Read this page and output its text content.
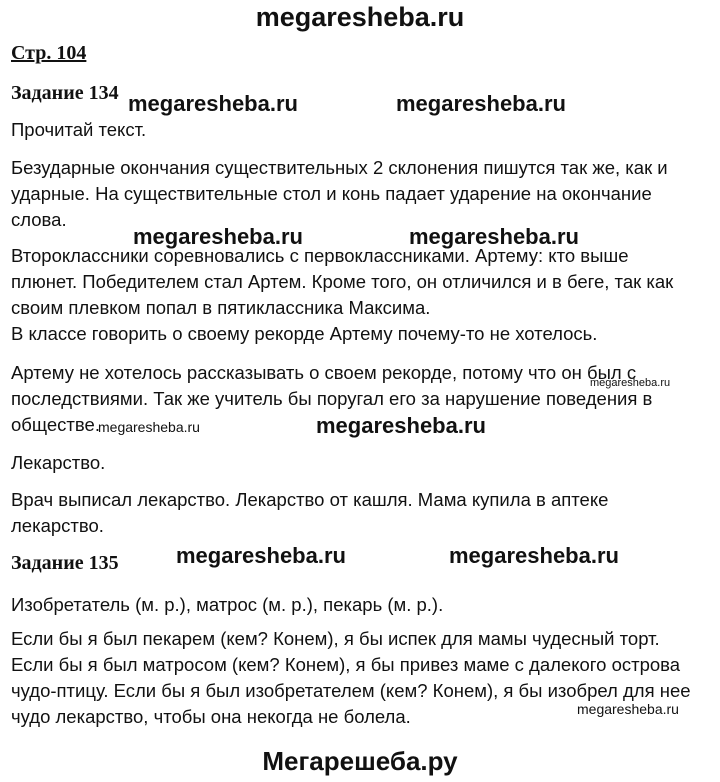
megaresheba.ru
Стр. 104
Задание 134 megaresheba.ru	megaresheba.ru
Прочитай текст.
Безударные окончания существительных 2 склонения пишутся так же, как и
ударные. На существительные стол и конь падает ударение на окончание
слова.
megaresheba.ru	megaresheba.ru
Второклассники соревновались с первоклассниками. Артему: кто выше
плюнет. Победителем стал Артем. Кроме того, он отличился и в беге, так как
своим плевком попал в пятиклассника Максима.
В классе говорить о своему рекорде Артему почему-то не хотелось.
Артему не хотелось рассказывать о своем рекорде, потому что он был с
megaresheba.ru
последствиями. Так же учитель бы поругал его за нарушение поведения в
обществе.
megaresheba.ru	megaresheba.ru
Лекарство.
Врач выписал лекарство. Лекарство от кашля. Мама купила в аптеке
лекарство.
Задание 135	megaresheba.ru	megaresheba.ru
Изобретатель (м. р.), матрос (м. р.), пекарь (м. р.).
Если бы я был пекарем (кем? Конем), я бы испек для мамы чудесный торт.
Если бы я был матросом (кем? Конем), я бы привез маме с далекого острова
чудо-птицу. Если бы я был изобретателем (кем? Конем), я бы изобрел для нее
чудо лекарство, чтобы она некогда не болела.	megaresheba.ru
Мегарешеба.ру
